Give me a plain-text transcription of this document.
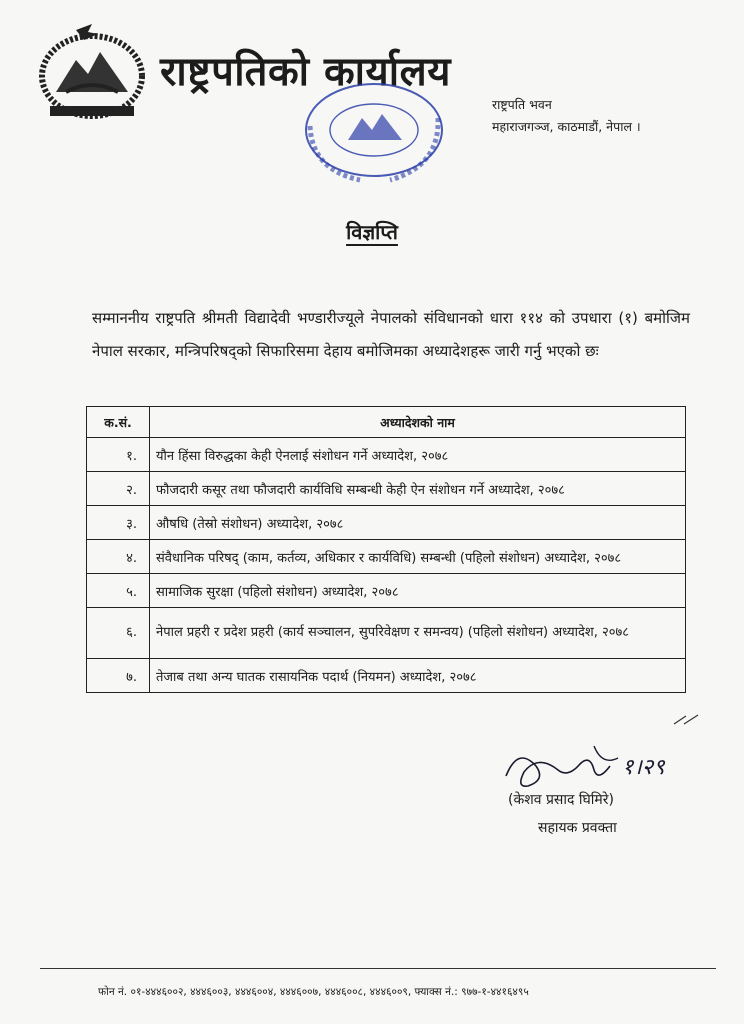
राष्ट्रपतिको कार्यालय
राष्ट्रपति भवन
महाराजगञ्ज, काठमाडौं, नेपाल ।
विज्ञप्ति
सम्माननीय राष्ट्रपति श्रीमती विद्यादेवी भण्डारीज्यूले नेपालको संविधानको धारा ११४ को उपधारा (१) बमोजिम नेपाल सरकार, मन्त्रिपरिषद्को सिफारिसमा देहाय बमोजिमका अध्यादेशहरू जारी गर्नु भएको छः
क.सं.	अध्यादेशको नाम
१.	यौन हिंसा विरुद्धका केही ऐनलाई संशोधन गर्ने अध्यादेश, २०७८
२.	फौजदारी कसूर तथा फौजदारी कार्यविधि सम्बन्धी केही ऐन संशोधन गर्ने अध्यादेश, २०७८
३.	औषधि (तेस्रो संशोधन) अध्यादेश, २०७८
४.	संवैधानिक परिषद् (काम, कर्तव्य, अधिकार र कार्यविधि) सम्बन्धी (पहिलो संशोधन) अध्यादेश, २०७८
५.	सामाजिक सुरक्षा (पहिलो संशोधन) अध्यादेश, २०७८
६.	नेपाल प्रहरी र प्रदेश प्रहरी (कार्य सञ्चालन, सुपरिवेक्षण र समन्वय) (पहिलो संशोधन) अध्यादेश, २०७८
७.	तेजाब तथा अन्य घातक रासायनिक पदार्थ (नियमन) अध्यादेश, २०७८
१।२९
(केशव प्रसाद घिमिरे)
सहायक प्रवक्ता
फोन नं. ०१-४४४६००२, ४४४६००३, ४४४६००४, ४४४६००७, ४४४६००८, ४४४६००९, फ्याक्स नं.: ९७७-१-४४१६४९५
